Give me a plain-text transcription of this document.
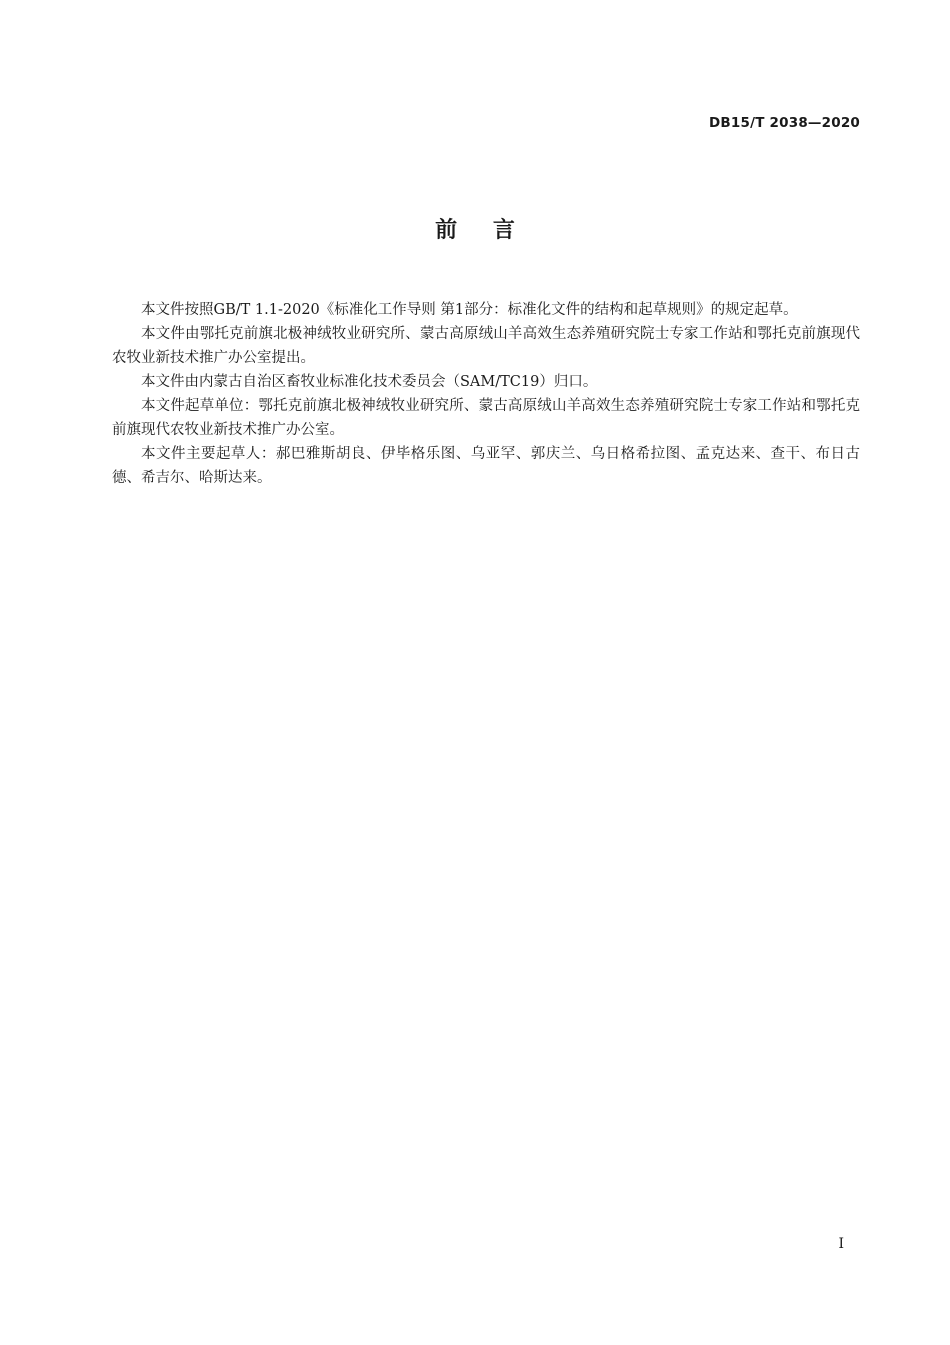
DB15/T 2038—2020
前 言

本文件按照GB/T 1.1-2020《标准化工作导则 第1部分：标准化文件的结构和起草规则》的规定起草。

本文件由鄂托克前旗北极神绒牧业研究所、蒙古高原绒山羊高效生态养殖研究院士专家工作站和鄂托克前旗现代农牧业新技术推广办公室提出。

本文件由内蒙古自治区畜牧业标准化技术委员会（SAM/TC19）归口。

本文件起草单位：鄂托克前旗北极神绒牧业研究所、蒙古高原绒山羊高效生态养殖研究院士专家工作站和鄂托克前旗现代农牧业新技术推广办公室。

本文件主要起草人：郝巴雅斯胡良、伊毕格乐图、乌亚罕、郭庆兰、乌日格希拉图、孟克达来、查干、布日古德、希吉尔、哈斯达来。

I
